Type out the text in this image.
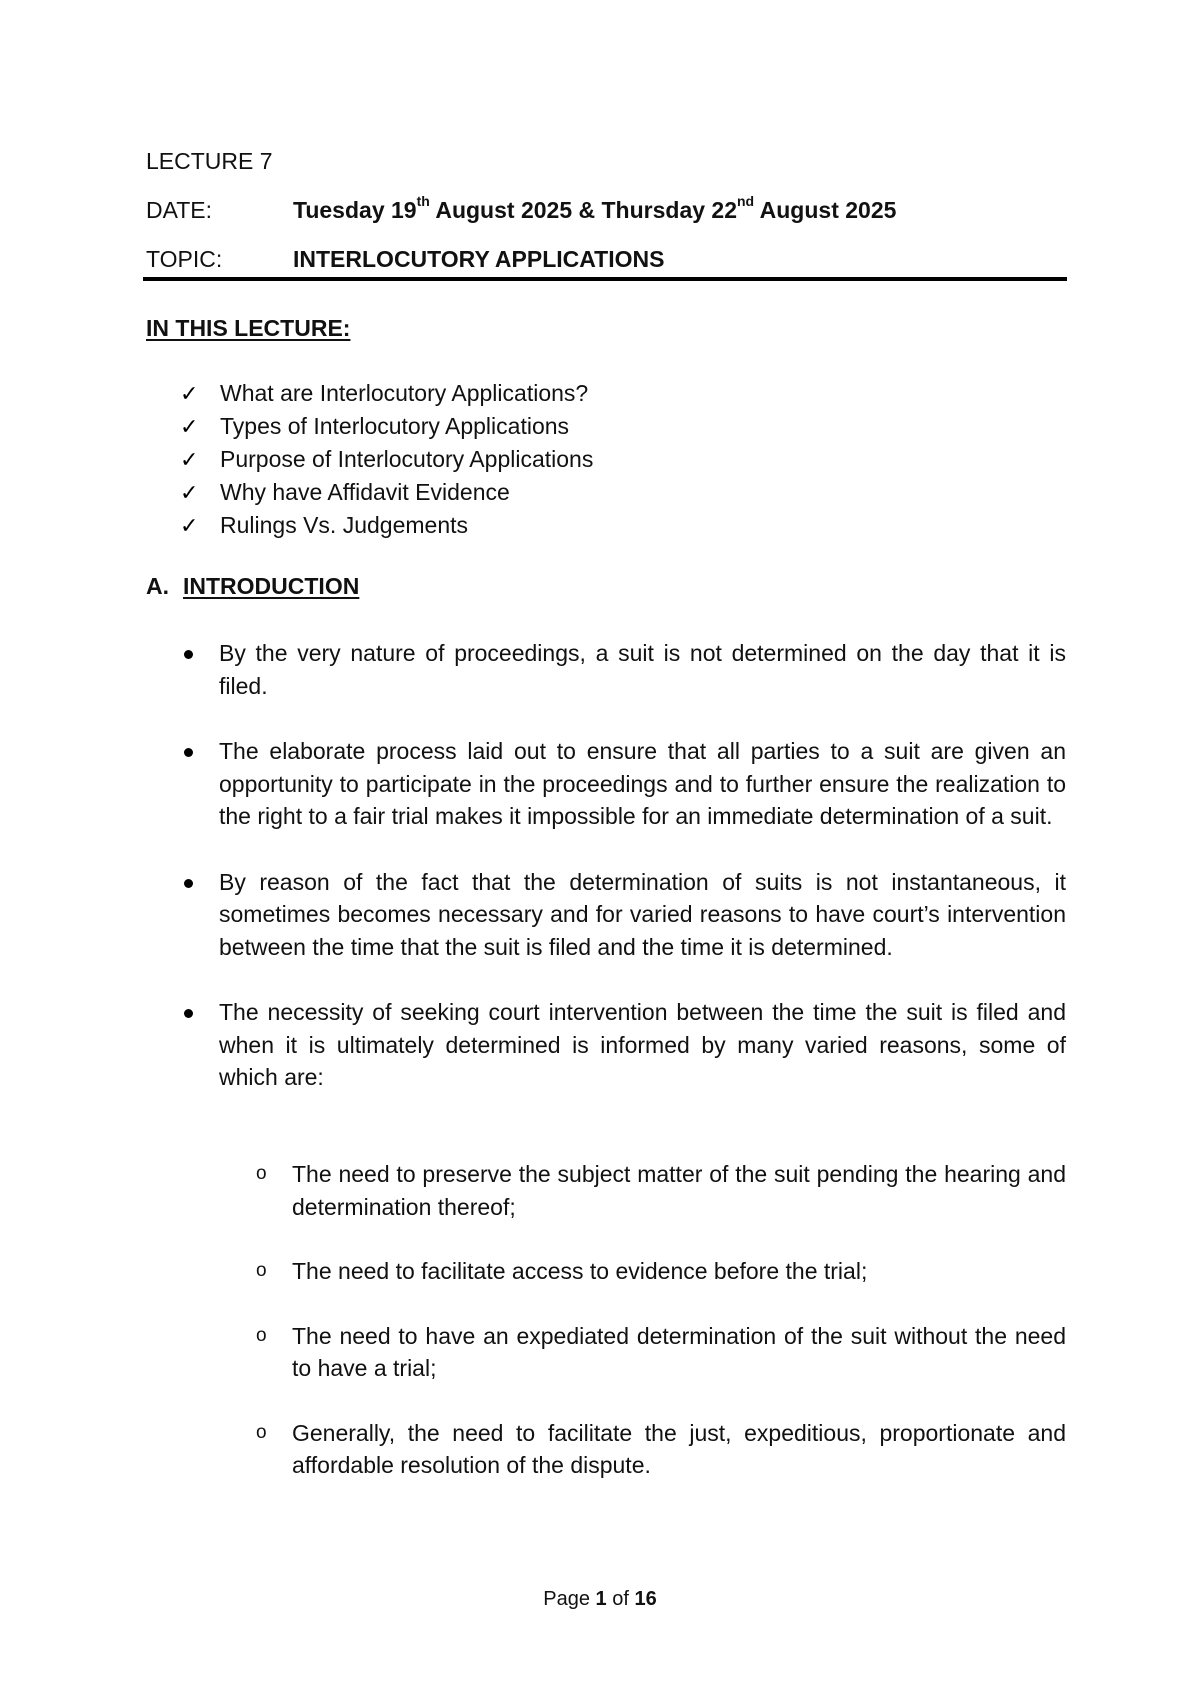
LECTURE 7
DATE:	Tuesday 19th August 2025 & Thursday 22nd August 2025
TOPIC:	INTERLOCUTORY APPLICATIONS
IN THIS LECTURE:
✓ What are Interlocutory Applications?
✓ Types of Interlocutory Applications
✓ Purpose of Interlocutory Applications
✓ Why have Affidavit Evidence
✓ Rulings Vs. Judgements
A. INTRODUCTION
By the very nature of proceedings, a suit is not determined on the day that it is filed.
The elaborate process laid out to ensure that all parties to a suit are given an opportunity to participate in the proceedings and to further ensure the realization to the right to a fair trial makes it impossible for an immediate determination of a suit.
By reason of the fact that the determination of suits is not instantaneous, it sometimes becomes necessary and for varied reasons to have court’s intervention between the time that the suit is filed and the time it is determined.
The necessity of seeking court intervention between the time the suit is filed and when it is ultimately determined is informed by many varied reasons, some of which are:
o The need to preserve the subject matter of the suit pending the hearing and determination thereof;
o The need to facilitate access to evidence before the trial;
o The need to have an expediated determination of the suit without the need to have a trial;
o Generally, the need to facilitate the just, expeditious, proportionate and affordable resolution of the dispute.
Page 1 of 16
